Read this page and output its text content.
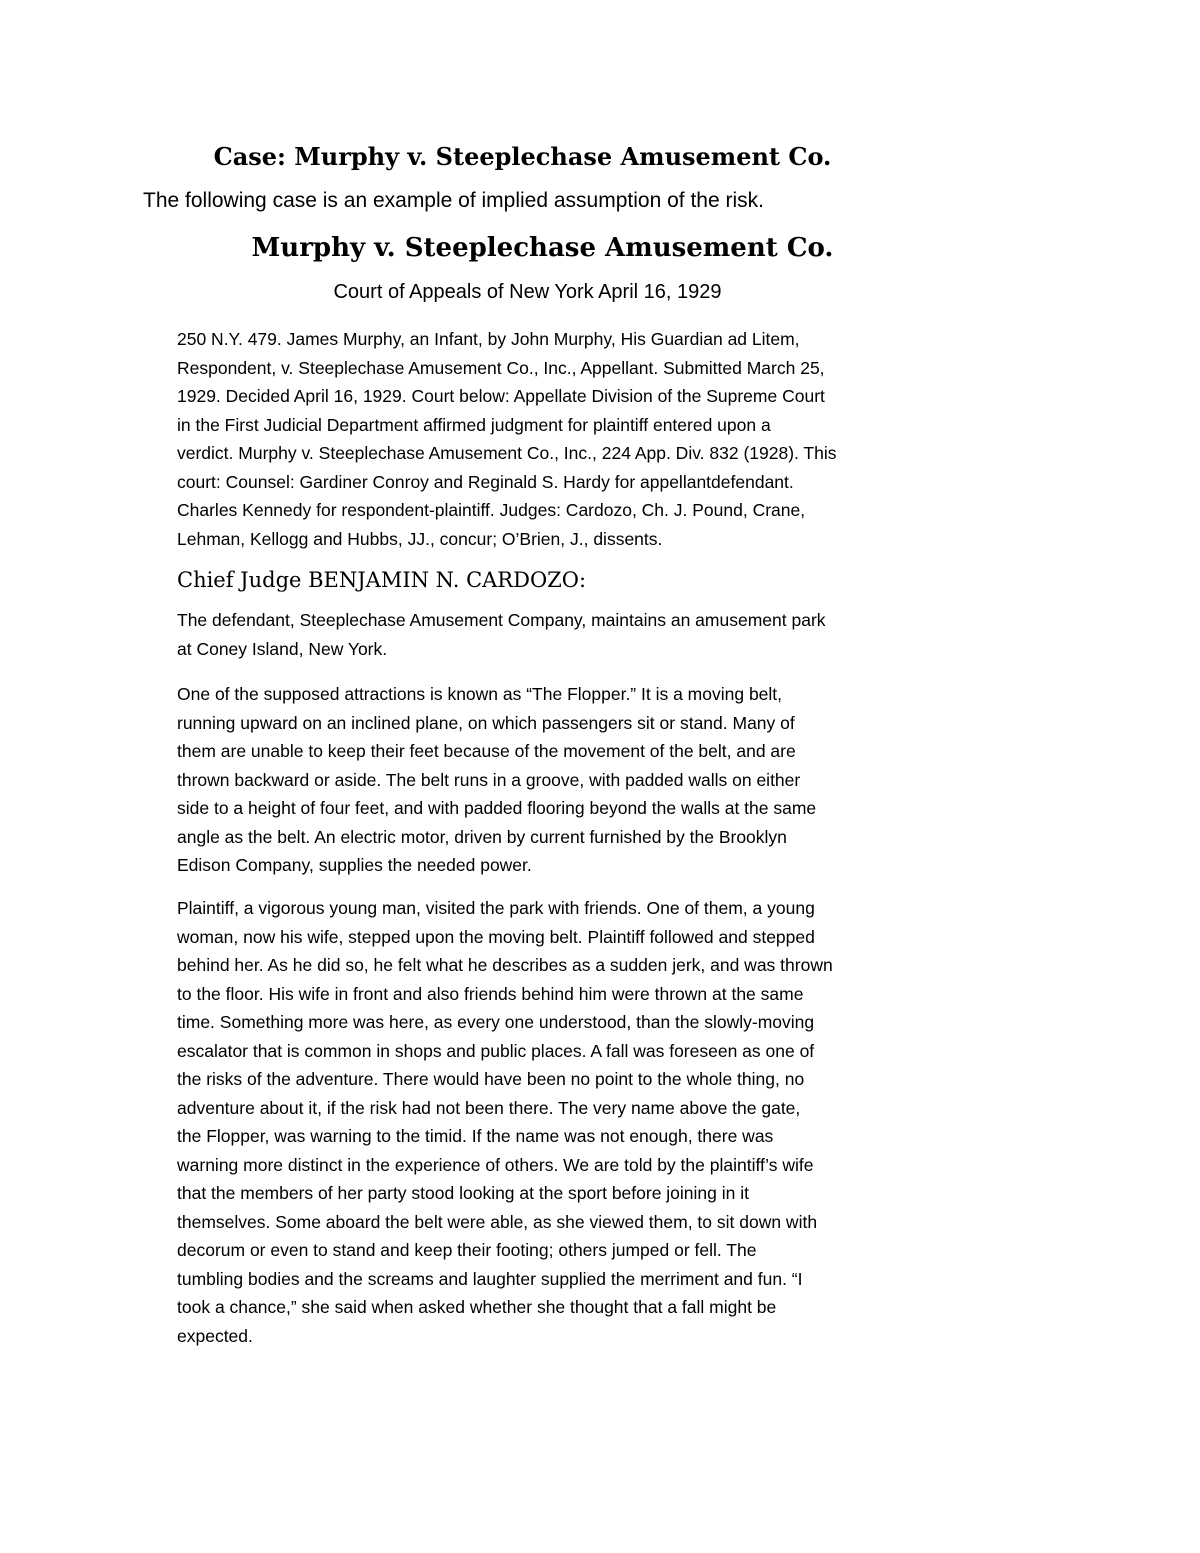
Case: Murphy v. Steeplechase Amusement Co.
The following case is an example of implied assumption of the risk.
Murphy v. Steeplechase Amusement Co.
Court of Appeals of New York April 16, 1929
250 N.Y. 479. James Murphy, an Infant, by John Murphy, His Guardian ad Litem,
Respondent, v. Steeplechase Amusement Co., Inc., Appellant. Submitted March 25,
1929. Decided April 16, 1929. Court below: Appellate Division of the Supreme Court
in the First Judicial Department affirmed judgment for plaintiff entered upon a
verdict. Murphy v. Steeplechase Amusement Co., Inc., 224 App. Div. 832 (1928). This
court: Counsel: Gardiner Conroy and Reginald S. Hardy for appellantdefendant.
Charles Kennedy for respondent-plaintiff. Judges: Cardozo, Ch. J. Pound, Crane,
Lehman, Kellogg and Hubbs, JJ., concur; O’Brien, J., dissents.
Chief Judge BENJAMIN N. CARDOZO:
The defendant, Steeplechase Amusement Company, maintains an amusement park
at Coney Island, New York.
One of the supposed attractions is known as “The Flopper.” It is a moving belt,
running upward on an inclined plane, on which passengers sit or stand. Many of
them are unable to keep their feet because of the movement of the belt, and are
thrown backward or aside. The belt runs in a groove, with padded walls on either
side to a height of four feet, and with padded flooring beyond the walls at the same
angle as the belt. An electric motor, driven by current furnished by the Brooklyn
Edison Company, supplies the needed power.
Plaintiff, a vigorous young man, visited the park with friends. One of them, a young
woman, now his wife, stepped upon the moving belt. Plaintiff followed and stepped
behind her. As he did so, he felt what he describes as a sudden jerk, and was thrown
to the floor. His wife in front and also friends behind him were thrown at the same
time. Something more was here, as every one understood, than the slowly-moving
escalator that is common in shops and public places. A fall was foreseen as one of
the risks of the adventure. There would have been no point to the whole thing, no
adventure about it, if the risk had not been there. The very name above the gate,
the Flopper, was warning to the timid. If the name was not enough, there was
warning more distinct in the experience of others. We are told by the plaintiff’s wife
that the members of her party stood looking at the sport before joining in it
themselves. Some aboard the belt were able, as she viewed them, to sit down with
decorum or even to stand and keep their footing; others jumped or fell. The
tumbling bodies and the screams and laughter supplied the merriment and fun. “I
took a chance,” she said when asked whether she thought that a fall might be
expected.
